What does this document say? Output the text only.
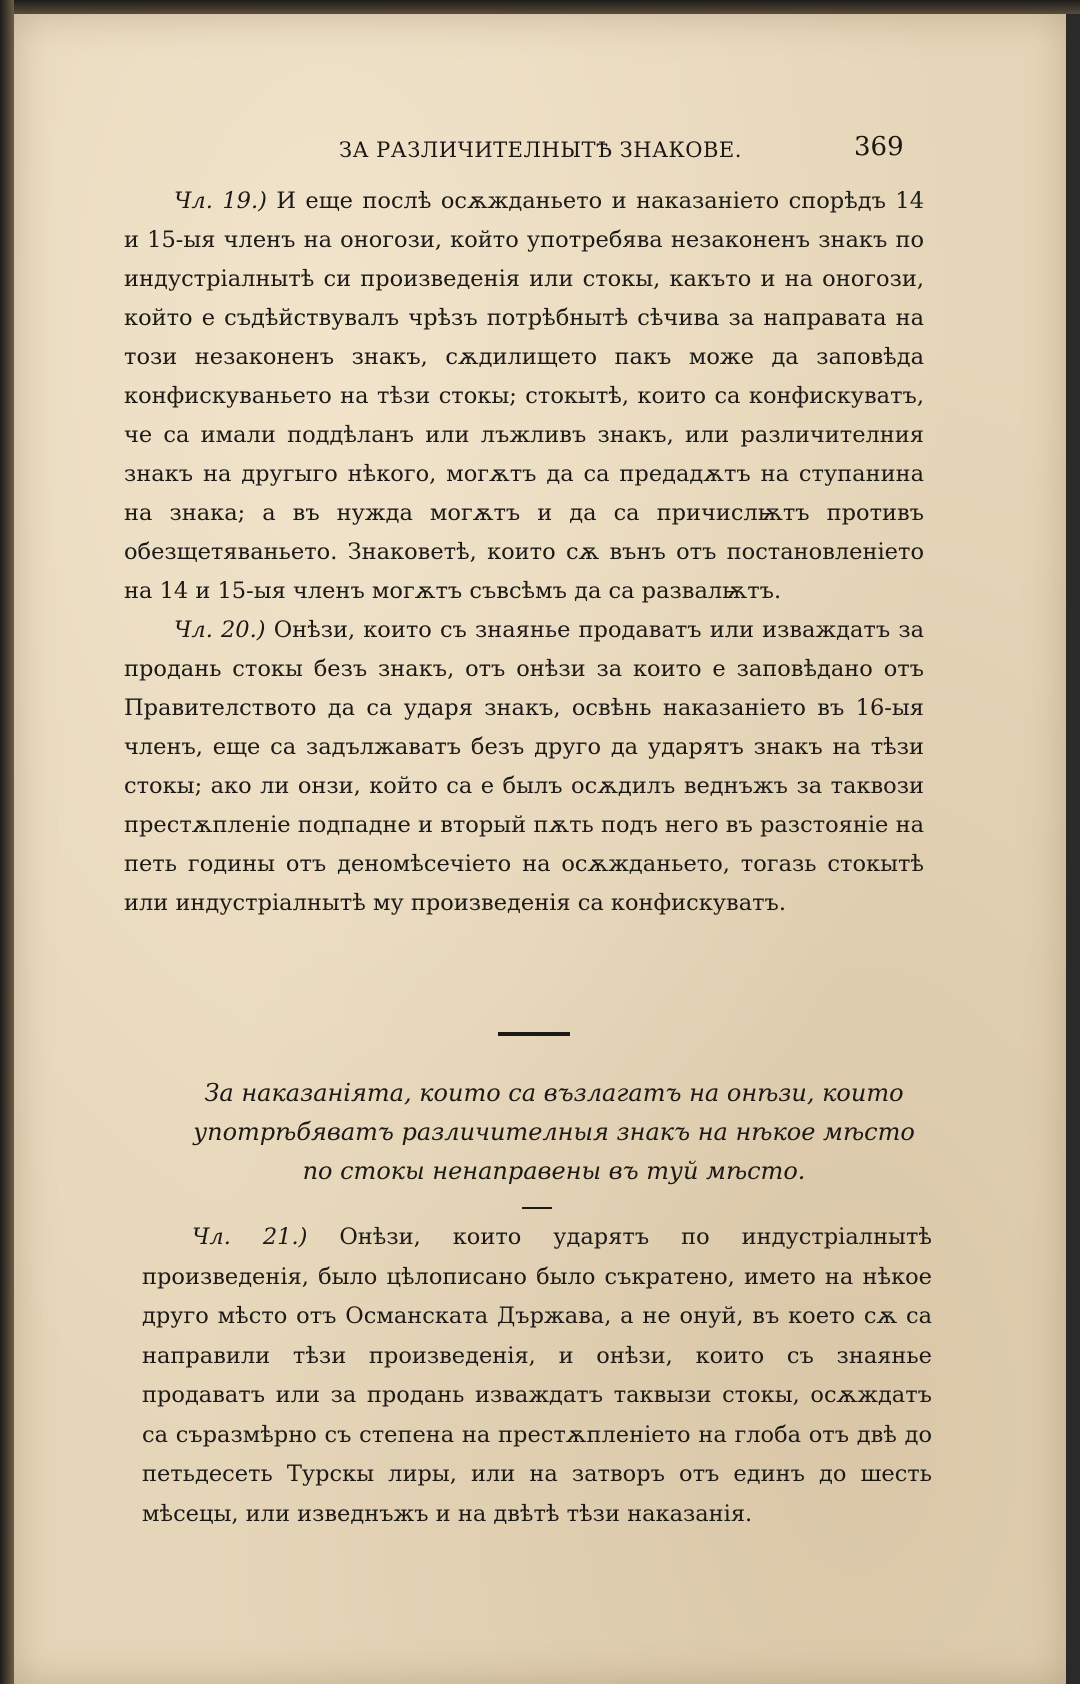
ЗА РАЗЛИЧИТЕЛНЫТѢ ЗНАКОВЕ.	369

Чл. 19.) И еще послѣ осѫжданьето и наказаніето спорѣдъ 14 и 15-ыя членъ на оногози, който употребява незаконенъ знакъ по индустріалнытѣ си произведенія или стокы, какъто и на оногози, който е съдѣйствувалъ чрѣзъ потрѣбнытѣ сѣчива за направата на този незаконенъ знакъ, сѫдилището пакъ може да заповѣда конфискуваньето на тѣзи стокы; стокытѣ, които са конфискуватъ, че са имали поддѣланъ или лъжливъ знакъ, или различителния знакъ на другыго нѣкого, могѫтъ да са предадѫтъ на ступанина на знака; а въ нужда могѫтъ и да са причислѭтъ противъ обезщетяваньето. Знаковетѣ, които сѫ вънъ отъ постановленіето на 14 и 15-ыя членъ могѫтъ съвсѣмъ да са развалѭтъ.

Чл. 20.) Онѣзи, които съ знаянье продаватъ или изваждатъ за продань стокы безъ знакъ, отъ онѣзи за които е заповѣдано отъ Правителството да са ударя знакъ, освѣнь наказаніето въ 16-ыя членъ, еще са задължаватъ безъ друго да ударятъ знакъ на тѣзи стокы; ако ли онзи, който са е былъ осѫдилъ веднъжъ за таквози престѫпленіе подпадне и вторый пѫть подъ него въ разстояніе на петь годины отъ деномѣсечіето на осѫжданьето, тогазь стокытѣ или индустріалнытѣ му произведенія са конфискуватъ.

За наказаніята, които са възлагатъ на онѣзи, които
употрѣбяватъ различителныя знакъ на нѣкое мѣсто
по стокы ненаправены въ туй мѣсто.

Чл. 21.) Онѣзи, които ударятъ по индустріалнытѣ произведенія, было цѣлописано было съкратено, името на нѣкое друго мѣсто отъ Османската Държава, а не онуй, въ което сѫ са направили тѣзи произведенія, и онѣзи, които съ знаянье продаватъ или за продань изваждатъ таквызи стокы, осѫждатъ са съразмѣрно съ степена на престѫпленіето на глоба отъ двѣ до петьдесеть Турскы лиры, или на затворъ отъ единъ до шесть мѣсецы, или изведнъжъ и на двѣтѣ тѣзи наказанія.
